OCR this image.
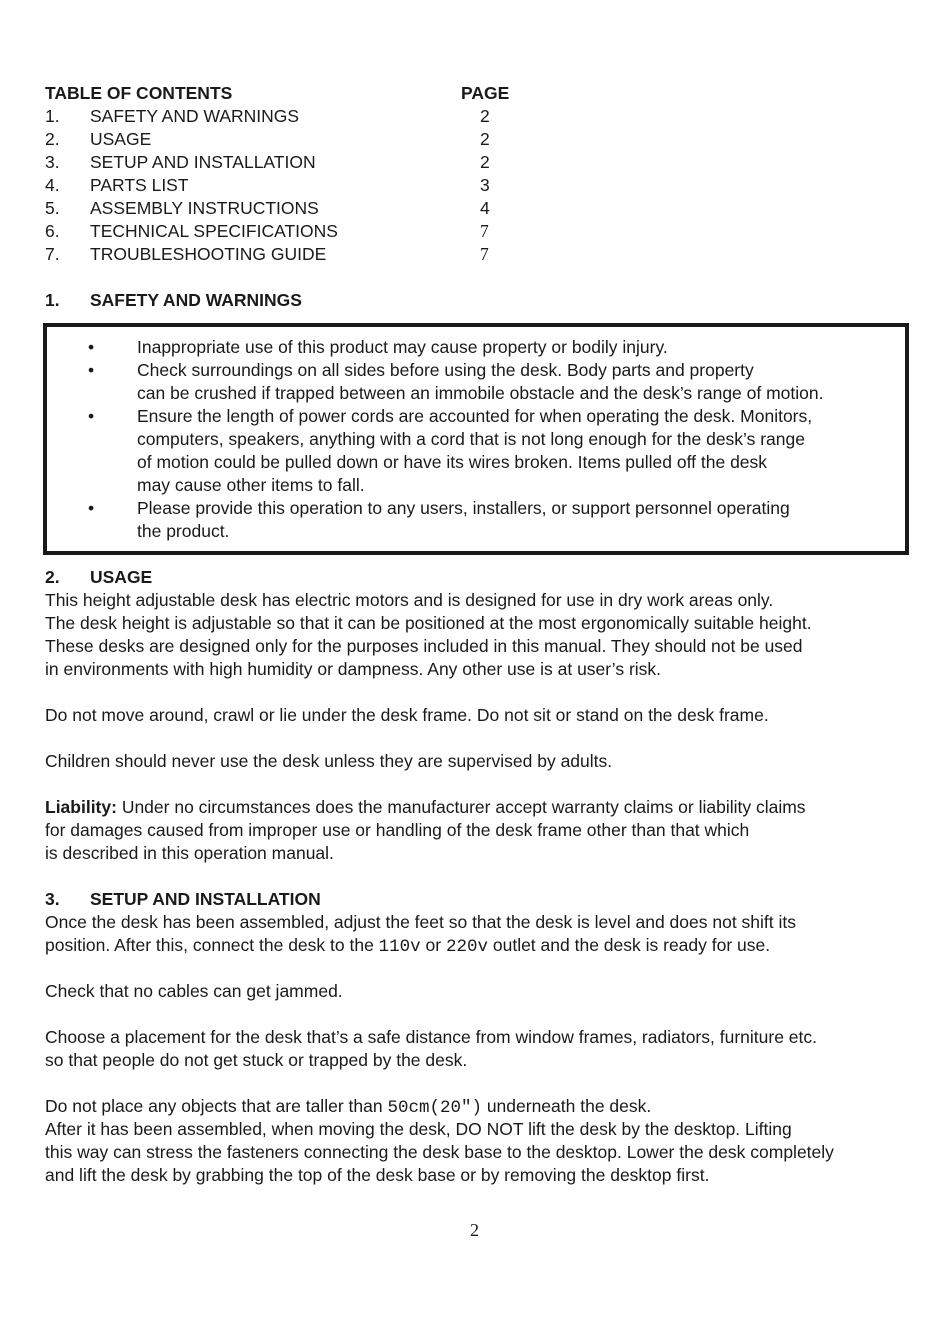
TABLE OF CONTENTS	PAGE
1. SAFETY AND WARNINGS	2
2. USAGE	2
3. SETUP AND INSTALLATION	2
4. PARTS LIST	3
5. ASSEMBLY INSTRUCTIONS	4
6. TECHNICAL SPECIFICATIONS	7
7. TROUBLESHOOTING GUIDE	7
1. SAFETY AND WARNINGS
• Inappropriate use of this product may cause property or bodily injury.
• Check surroundings on all sides before using the desk. Body parts and property
can be crushed if trapped between an immobile obstacle and the desk’s range of motion.
• Ensure the length of power cords are accounted for when operating the desk. Monitors,
computers, speakers, anything with a cord that is not long enough for the desk’s range
of motion could be pulled down or have its wires broken. Items pulled off the desk
may cause other items to fall.
• Please provide this operation to any users, installers, or support personnel operating
the product.
2. USAGE
This height adjustable desk has electric motors and is designed for use in dry work areas only.
The desk height is adjustable so that it can be positioned at the most ergonomically suitable height.
These desks are designed only for the purposes included in this manual. They should not be used
in environments with high humidity or dampness. Any other use is at user’s risk.
Do not move around, crawl or lie under the desk frame. Do not sit or stand on the desk frame.
Children should never use the desk unless they are supervised by adults.
Liability: Under no circumstances does the manufacturer accept warranty claims or liability claims
for damages caused from improper use or handling of the desk frame other than that which
is described in this operation manual.
3. SETUP AND INSTALLATION
Once the desk has been assembled, adjust the feet so that the desk is level and does not shift its
position. After this, connect the desk to the 110v or 220v outlet and the desk is ready for use.
Check that no cables can get jammed.
Choose a placement for the desk that’s a safe distance from window frames, radiators, furniture etc.
so that people do not get stuck or trapped by the desk.
Do not place any objects that are taller than 50cm(20") underneath the desk.
After it has been assembled, when moving the desk, DO NOT lift the desk by the desktop. Lifting
this way can stress the fasteners connecting the desk base to the desktop. Lower the desk completely
and lift the desk by grabbing the top of the desk base or by removing the desktop first.
2
